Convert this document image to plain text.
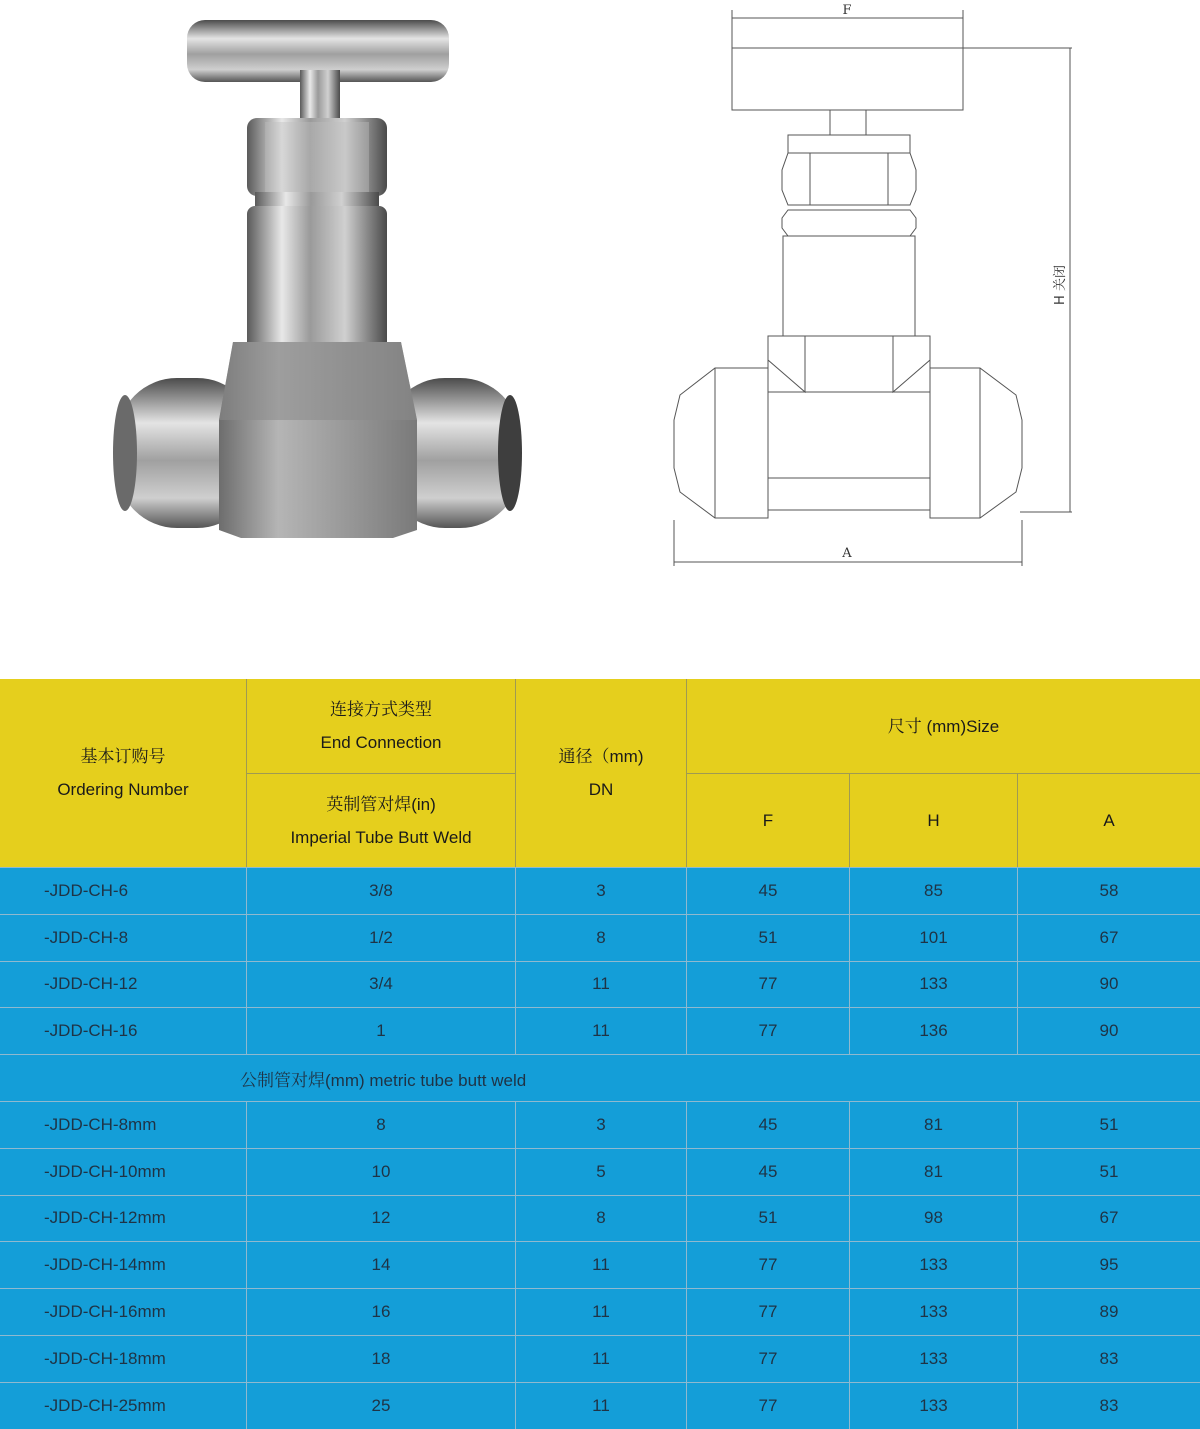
F
A
H 关闭
基本订购号
Ordering Number
连接方式类型
End Connection
英制管对焊(in)
Imperial Tube Butt Weld
通径（mm)
DN
尺寸 (mm)Size
F	H	A
-JDD-CH-6	3/8	3	45	85	58
-JDD-CH-8	1/2	8	51	101	67
-JDD-CH-12	3/4	11	77	133	90
-JDD-CH-16	1	11	77	136	90
公制管对焊(mm) metric tube butt weld
-JDD-CH-8mm	8	3	45	81	51
-JDD-CH-10mm	10	5	45	81	51
-JDD-CH-12mm	12	8	51	98	67
-JDD-CH-14mm	14	11	77	133	95
-JDD-CH-16mm	16	11	77	133	89
-JDD-CH-18mm	18	11	77	133	83
-JDD-CH-25mm	25	11	77	133	83
